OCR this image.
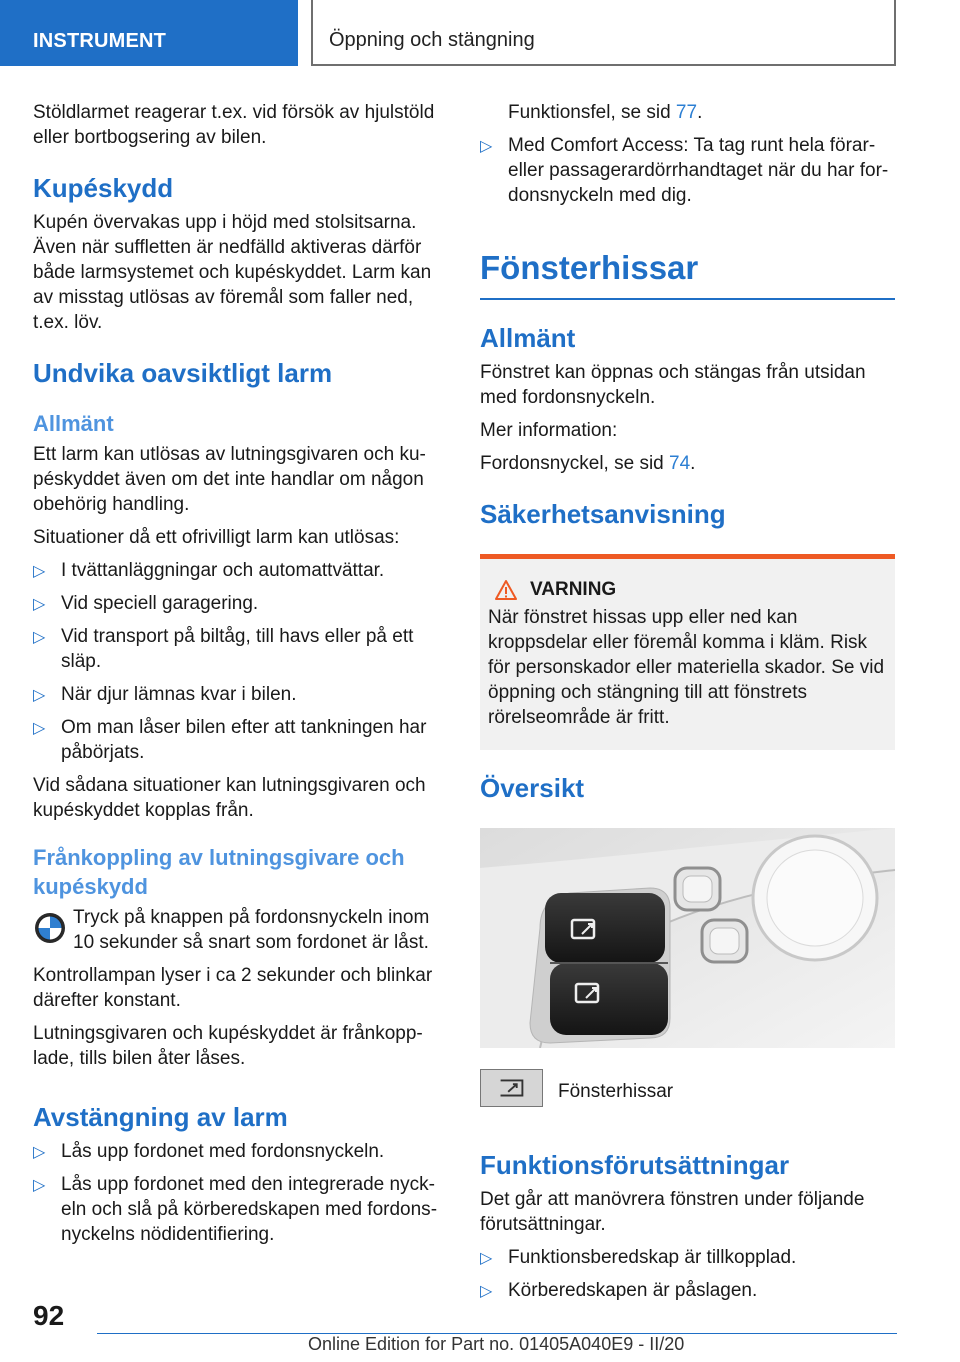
INSTRUMENT	Öppning och stängning

Stöldlarmet reagerar t.ex. vid försök av hjulstöld eller bortbogsering av bilen.

Kupéskydd

Kupén övervakas upp i höjd med stolsitsarna. Även när suffletten är nedfälld aktiveras därför både larmsystemet och kupéskyddet. Larm kan av misstag utlösas av föremål som faller ned, t.ex. löv.

Undvika oavsiktligt larm
Allmänt

Ett larm kan utlösas av lutningsgivaren och kupéskyddet även om det inte handlar om någon obehörig handling.

Situationer då ett ofrivilligt larm kan utlösas:

▷ I tvättanläggningar och automattvättar.
▷ Vid speciell garagering.
▷ Vid transport på biltåg, till havs eller på ett släp.
▷ När djur lämnas kvar i bilen.
▷ Om man låser bilen efter att tankningen har påbörjats.

Vid sådana situationer kan lutningsgivaren och kupéskyddet kopplas från.

Frånkoppling av lutningsgivare och kupéskydd
Tryck på knappen på fordonsnyckeln inom 10 sekunder så snart som fordonet är låst.

Kontrollampan lyser i ca 2 sekunder och blinkar därefter konstant.

Lutningsgivaren och kupéskyddet är frånkopplade, tills bilen åter låses.

Avstängning av larm
▷ Lås upp fordonet med fordonsnyckeln.
▷ Lås upp fordonet med den integrerade nyckeln och slå på körberedskapen med fordonsnyckelns nödidentifiering.
Funktionsfel, se sid 77.
▷ Med Comfort Access: Ta tag runt hela förar- eller passagerardörrhandtaget när du har fordonsnyckeln med dig.
Fönsterhissar
Allmänt

Fönstret kan öppnas och stängas från utsidan med fordonsnyckeln.

Mer information:

Fordonsnyckel, se sid 74.

Säkerhetsanvisning
VARNING

När fönstret hissas upp eller ned kan kroppsdelar eller föremål komma i kläm. Risk för personskador eller materiella skador. Se vid öppning och stängning till att fönstrets rörelseområde är fritt.

Översikt

Fönsterhissar

Funktionsförutsättningar

Det går att manövrera fönstren under följande förutsättningar.

▷ Funktionsberedskap är tillkopplad.
▷ Körberedskapen är påslagen.
92
Online Edition for Part no. 01405A040E9 - II/20
